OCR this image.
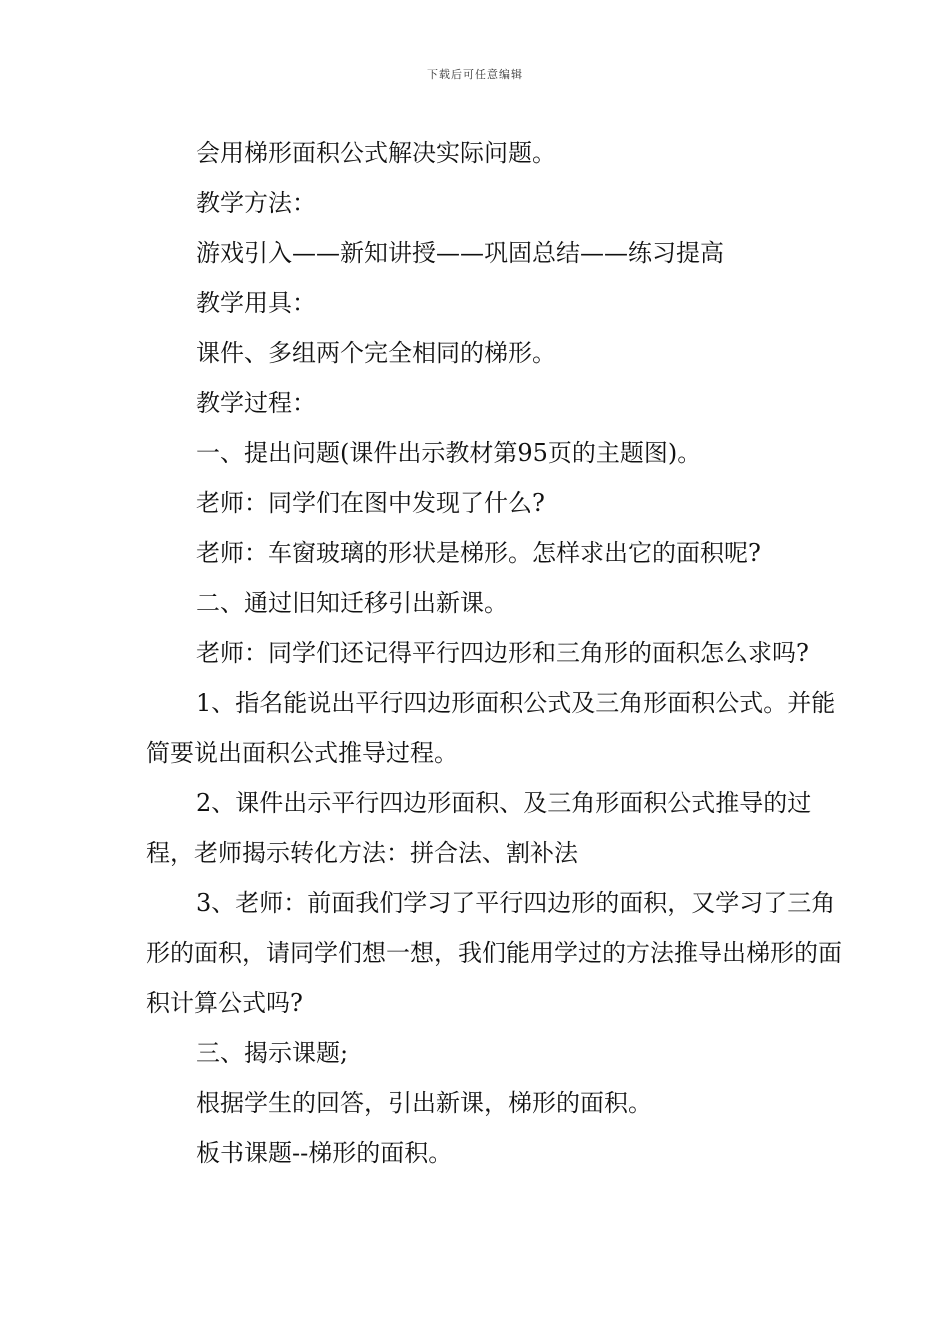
下载后可任意编辑

会用梯形面积公式解决实际问题。

教学方法：

游戏引入——新知讲授——巩固总结——练习提高

教学用具：

课件、多组两个完全相同的梯形。

教学过程：

一、提出问题(课件出示教材第95页的主题图)。

老师：同学们在图中发现了什么?

老师：车窗玻璃的形状是梯形。怎样求出它的面积呢?

二、通过旧知迁移引出新课。

老师：同学们还记得平行四边形和三角形的面积怎么求吗?

1、指名能说出平行四边形面积公式及三角形面积公式。并能简要说出面积公式推导过程。

2、课件出示平行四边形面积、及三角形面积公式推导的过程，老师揭示转化方法：拼合法、割补法

3、老师：前面我们学习了平行四边形的面积，又学习了三角形的面积，请同学们想一想，我们能用学过的方法推导出梯形的面积计算公式吗?

三、揭示课题;

根据学生的回答，引出新课，梯形的面积。

板书课题--梯形的面积。
